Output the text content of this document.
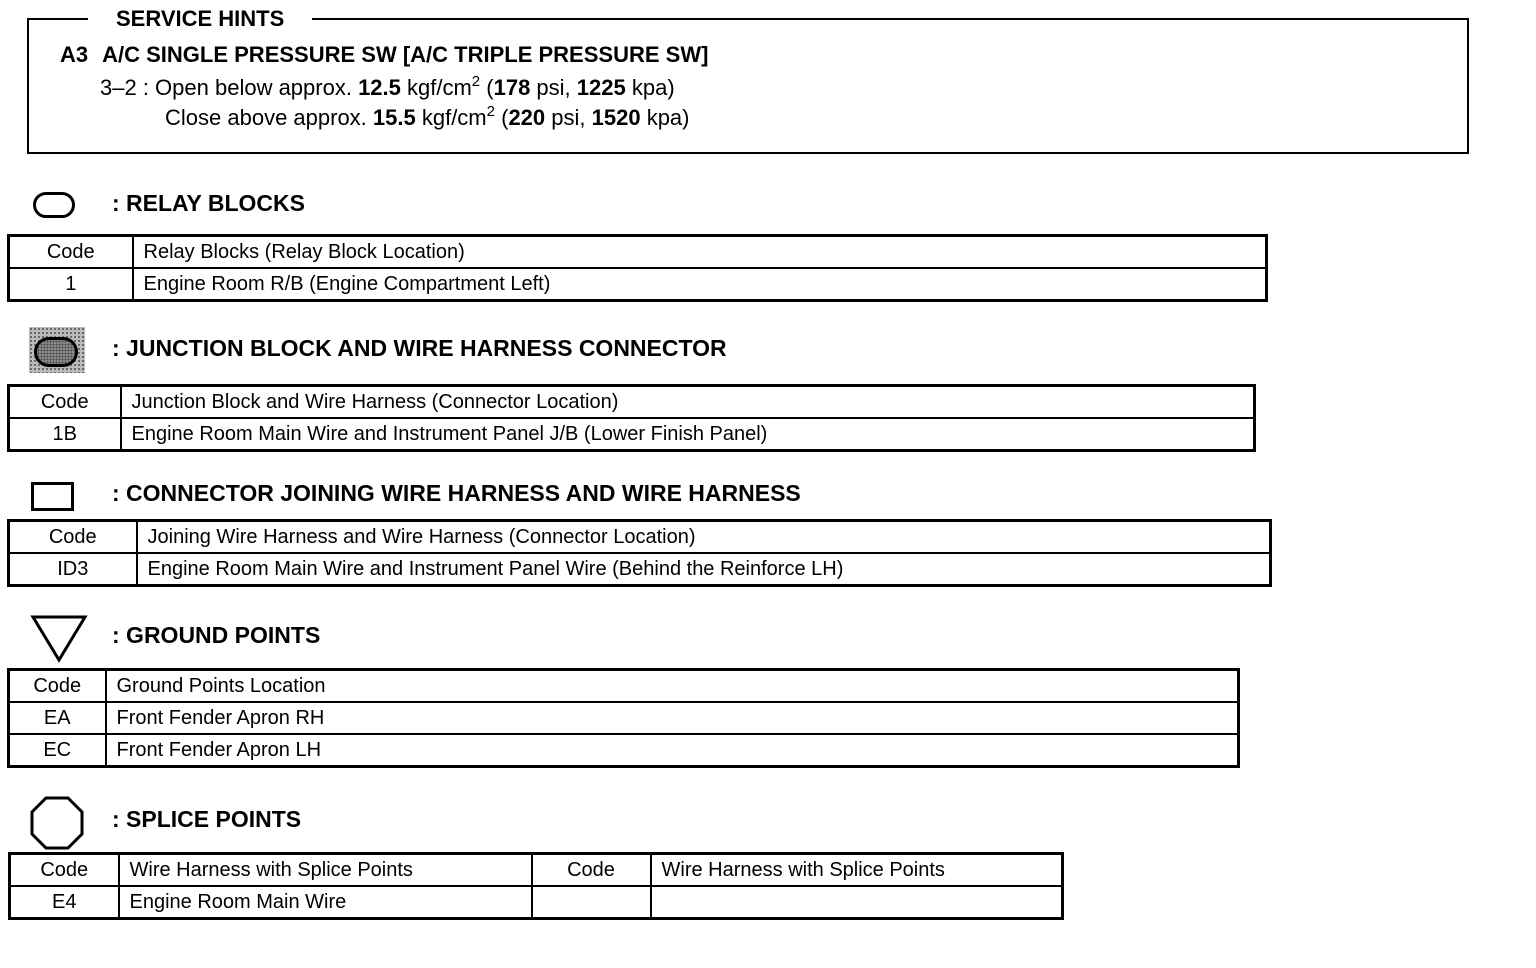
SERVICE HINTS
A3 A/C SINGLE PRESSURE SW [A/C TRIPLE PRESSURE SW]
3–2 : Open below approx. 12.5 kgf/$cm^2$ (178 psi, 1225 kpa)
Close above approx. 15.5 kgf/$cm^2$ (220 psi, 1520 kpa)
: RELAY BLOCKS
Code	Relay Blocks (Relay Block Location)
1	Engine Room R/B (Engine Compartment Left)
: JUNCTION BLOCK AND WIRE HARNESS CONNECTOR
Code	Junction Block and Wire Harness (Connector Location)
1B	Engine Room Main Wire and Instrument Panel J/B (Lower Finish Panel)
: CONNECTOR JOINING WIRE HARNESS AND WIRE HARNESS
Code	Joining Wire Harness and Wire Harness (Connector Location)
ID3	Engine Room Main Wire and Instrument Panel Wire (Behind the Reinforce LH)
: GROUND POINTS
Code	Ground Points Location
EA	Front Fender Apron RH
EC	Front Fender Apron LH
: SPLICE POINTS
Code	Wire Harness with Splice Points	Code	Wire Harness with Splice Points
E4	Engine Room Main Wire		
